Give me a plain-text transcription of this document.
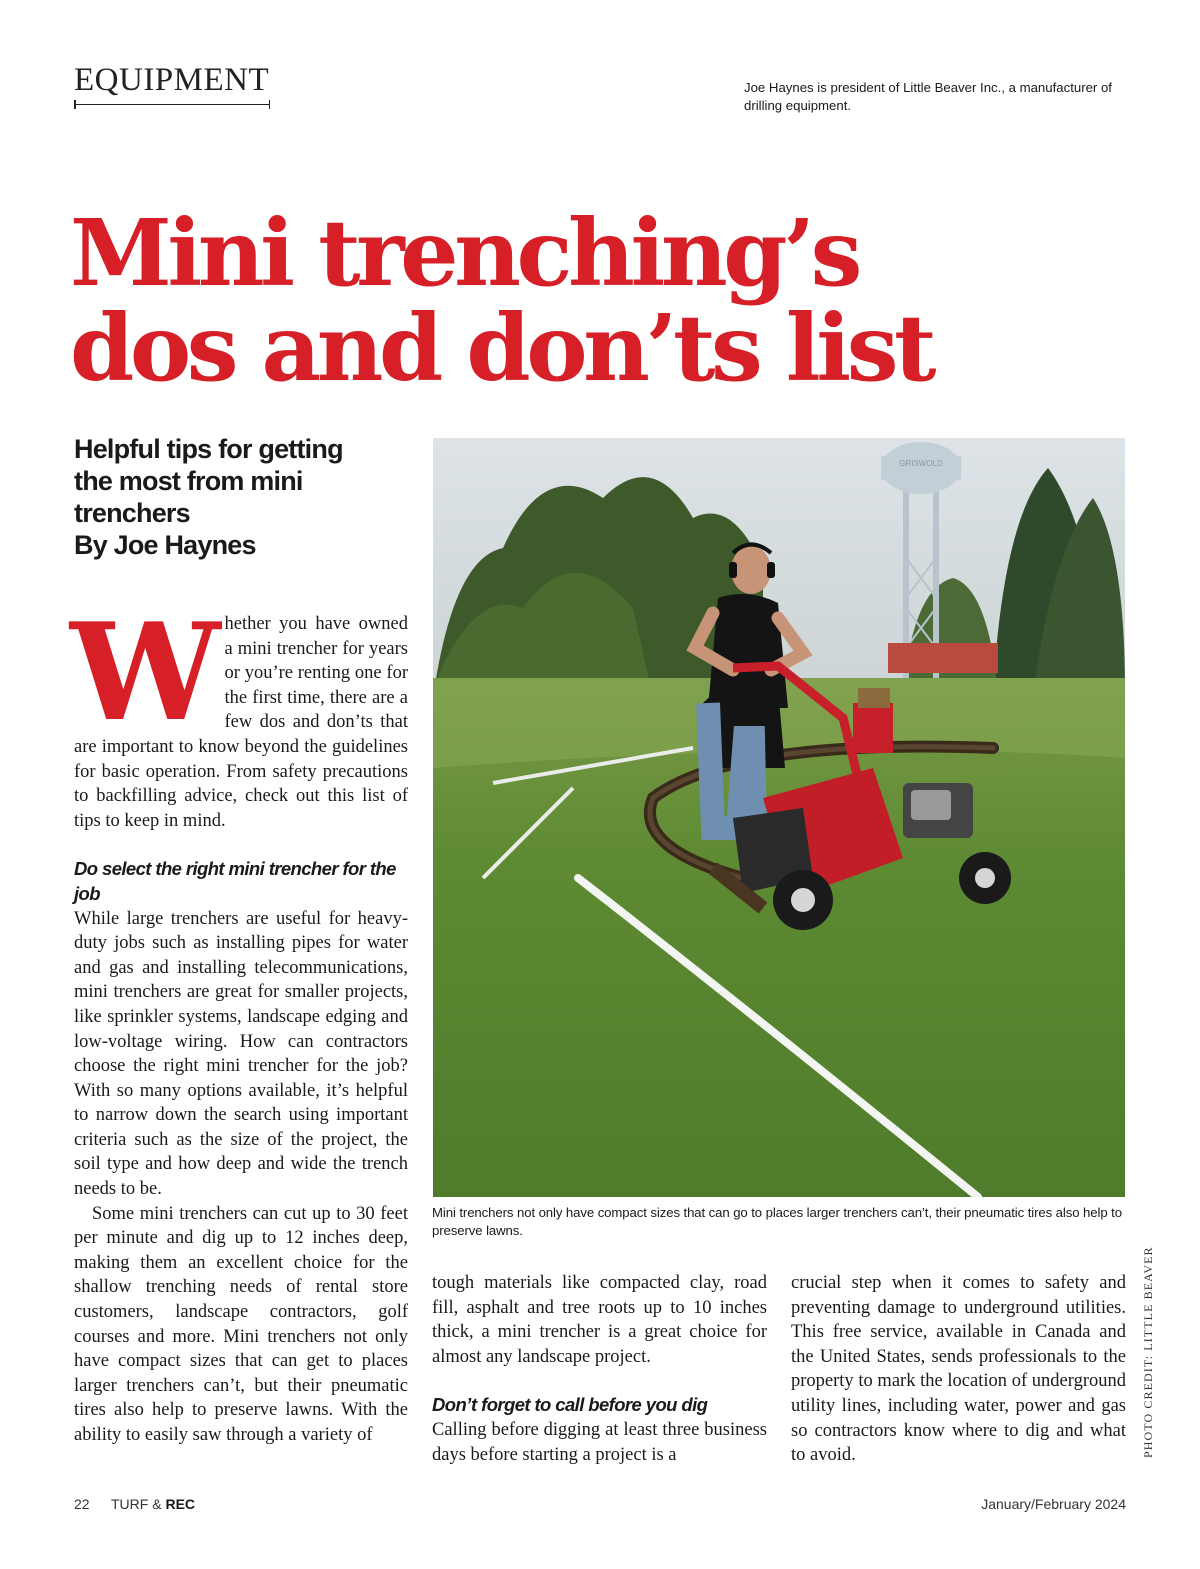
EQUIPMENT	Joe Haynes is president of Little Beaver Inc., a manufacturer of drilling equipment.
Mini trenching’s
dos and don’ts list
Helpful tips for getting
the most from mini
trenchers
By Joe Haynes

Whether you have owned a mini trencher for years or you’re renting one for the first time, there are a few dos and don’ts that are important to know beyond the guidelines for basic operation. From safety precautions to backfilling advice, check out this list of tips to keep in mind.

Do select the right mini trencher for the job

While large trenchers are useful for heavy-duty jobs such as installing pipes for water and gas and installing telecommunications, mini trenchers are great for smaller projects, like sprinkler systems, landscape edging and low-voltage wiring. How can contractors choose the right mini trencher for the job? With so many options available, it’s helpful to narrow down the search using important criteria such as the size of the project, the soil type and how deep and wide the trench needs to be.

Some mini trenchers can cut up to 30 feet per minute and dig up to 12 inches deep, making them an excellent choice for the shallow trenching needs of rental store customers, landscape contractors, golf courses and more. Mini trenchers not only have compact sizes that can get to places larger trenchers can’t, but their pneumatic tires also help to preserve lawns. With the ability to easily saw through a variety of

GRISWOLD
Mini trenchers not only have compact sizes that can go to places larger trenchers can’t, their pneumatic tires also help to preserve lawns.
PHOTO CREDIT: LITTLE BEAVER

tough materials like compacted clay, road fill, asphalt and tree roots up to 10 inches thick, a mini trencher is a great choice for almost any landscape project.

Don’t forget to call before you dig

Calling before digging at least three business days before starting a project is a

crucial step when it comes to safety and preventing damage to underground utilities. This free service, available in Canada and the United States, sends professionals to the property to mark the location of underground utility lines, including water, power and gas so contractors know where to dig and what to avoid.

22 TURF & REC	January/February 2024
